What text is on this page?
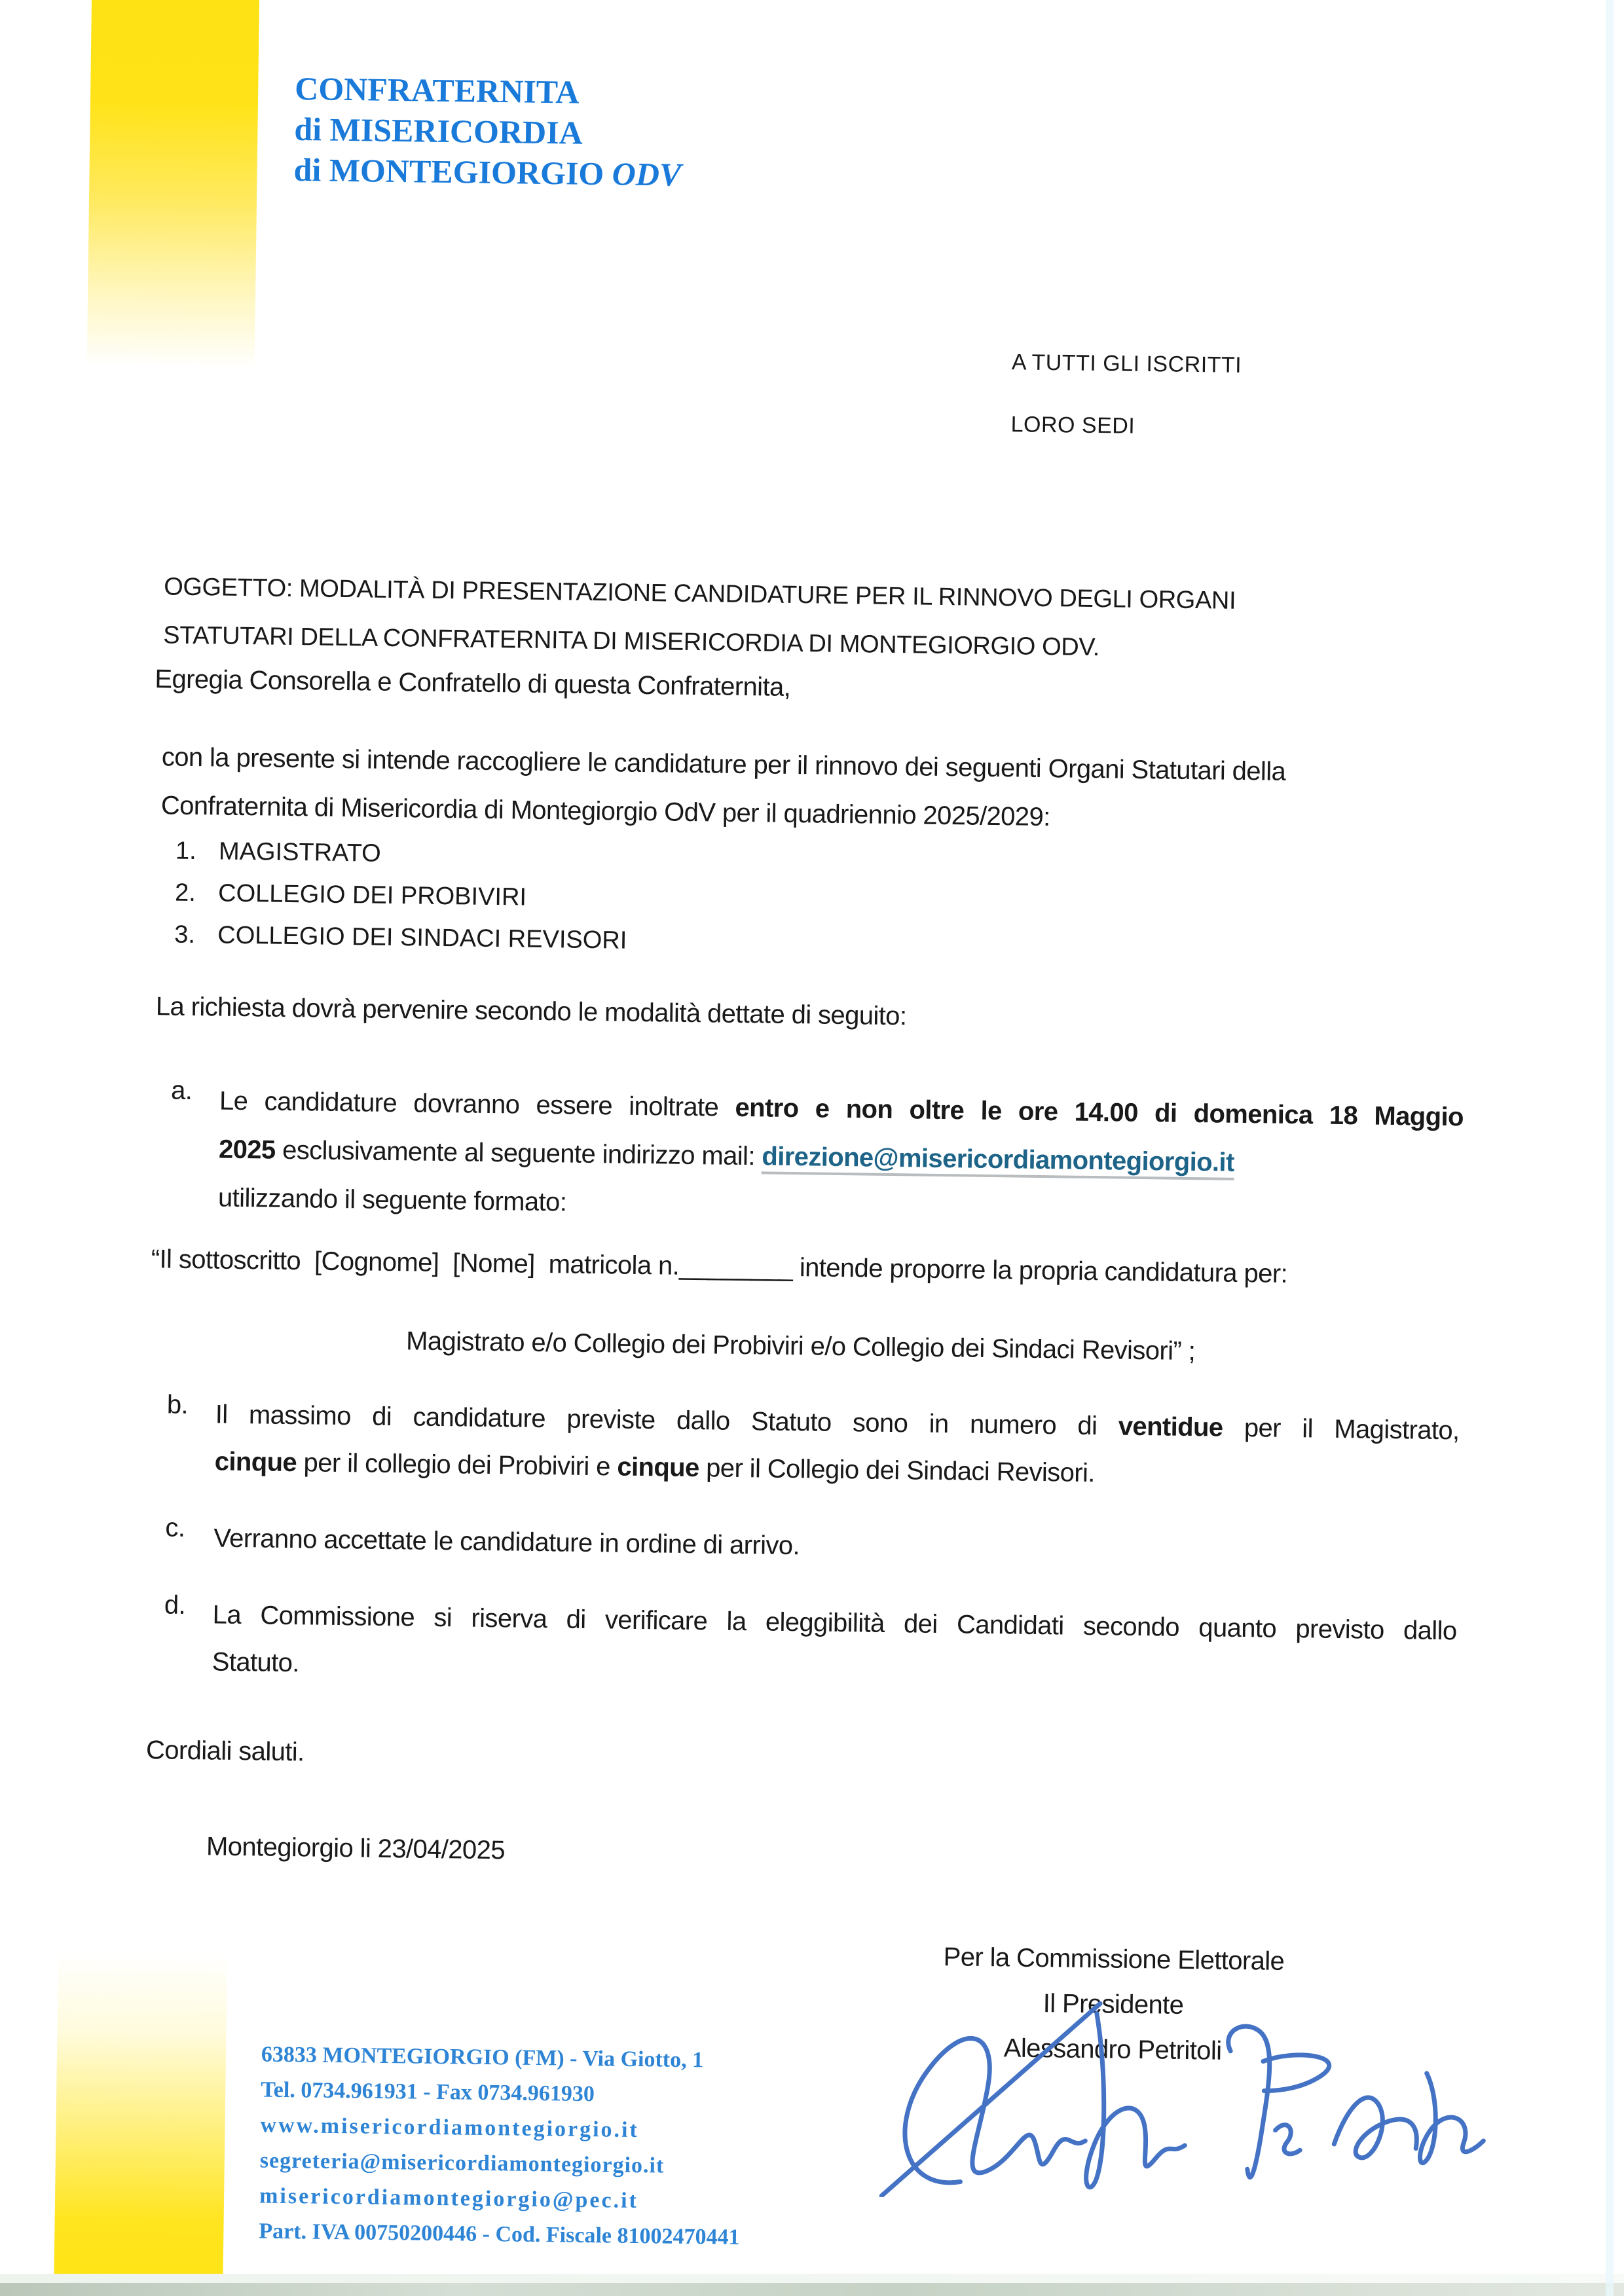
CONFRATERNITA
di MISERICORDIA
di MONTEGIORGIO ODV
A TUTTI GLI ISCRITTI
LORO SEDI
OGGETTO: MODALITÀ DI PRESENTAZIONE CANDIDATURE PER IL RINNOVO DEGLI ORGANI
STATUTARI DELLA CONFRATERNITA DI MISERICORDIA DI MONTEGIORGIO ODV.
Egregia Consorella e Confratello di questa Confraternita,
con la presente si intende raccogliere le candidature per il rinnovo dei seguenti Organi Statutari della
Confraternita di Misericordia di Montegiorgio OdV per il quadriennio 2025/2029:
1. MAGISTRATO
2. COLLEGIO DEI PROBIVIRI
3. COLLEGIO DEI SINDACI REVISORI
La richiesta dovrà pervenire secondo le modalità dettate di seguito:
a.	Le candidature dovranno essere inoltrate entro e non oltre le ore 14.00 di domenica 18 Maggio
2025 esclusivamente al seguente indirizzo mail: direzione@misericordiamontegiorgio.it
utilizzando il seguente formato:
“Il sottoscritto  [Cognome]  [Nome]  matricola n.________ intende proporre la propria candidatura per:
Magistrato e/o Collegio dei Probiviri e/o Collegio dei Sindaci Revisori” ;
b.	Il massimo di candidature previste dallo Statuto sono in numero di ventidue per il Magistrato,
cinque per il collegio dei Probiviri e cinque per il Collegio dei Sindaci Revisori.
c.	Verranno accettate le candidature in ordine di arrivo.
d.	La Commissione si riserva di verificare la eleggibilità dei Candidati secondo quanto previsto dallo
Statuto.
Cordiali saluti.
Montegiorgio li 23/04/2025
Per la Commissione Elettorale
Il Presidente
Alessandro Petritoli
63833 MONTEGIORGIO (FM) - Via Giotto, 1
Tel. 0734.961931 - Fax 0734.961930
www.misericordiamontegiorgio.it
segreteria@misericordiamontegiorgio.it
misericordiamontegiorgio@pec.it
Part. IVA 00750200446 - Cod. Fiscale 81002470441
